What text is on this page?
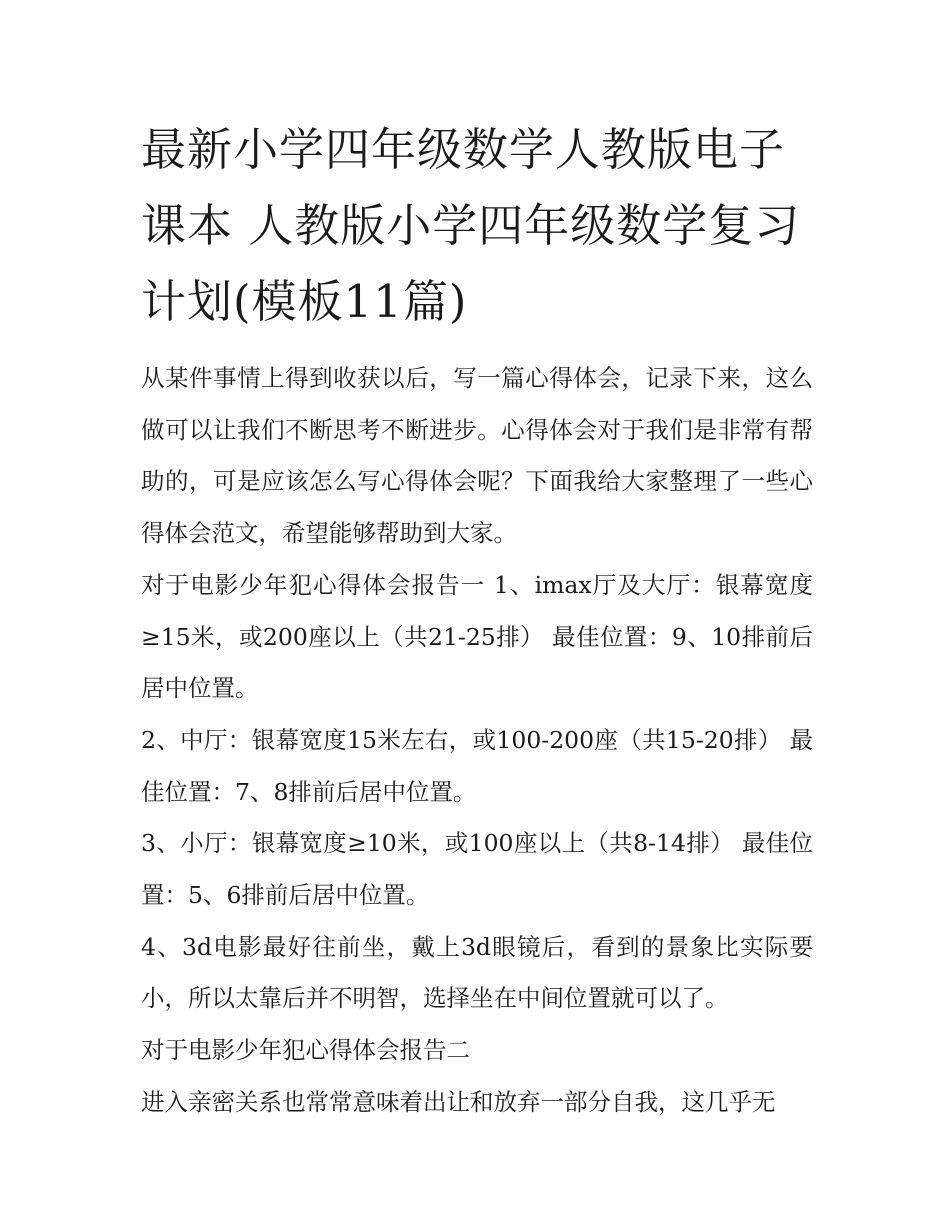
最新小学四年级数学人教版电子课本 人教版小学四年级数学复习计划(模板11篇)

从某件事情上得到收获以后，写一篇心得体会，记录下来，这么做可以让我们不断思考不断进步。心得体会对于我们是非常有帮助的，可是应该怎么写心得体会呢？下面我给大家整理了一些心得体会范文，希望能够帮助到大家。

对于电影少年犯心得体会报告一 1、imax厅及大厅：银幕宽度≥15米，或200座以上（共21-25排） 最佳位置：9、10排前后居中位置。

2、中厅：银幕宽度15米左右，或100-200座（共15-20排） 最佳位置：7、8排前后居中位置。

3、小厅：银幕宽度≥10米，或100座以上（共8-14排） 最佳位置：5、6排前后居中位置。

4、3d电影最好往前坐，戴上3d眼镜后，看到的景象比实际要小，所以太靠后并不明智，选择坐在中间位置就可以了。

对于电影少年犯心得体会报告二

进入亲密关系也常常意味着出让和放弃一部分自我，这几乎无
